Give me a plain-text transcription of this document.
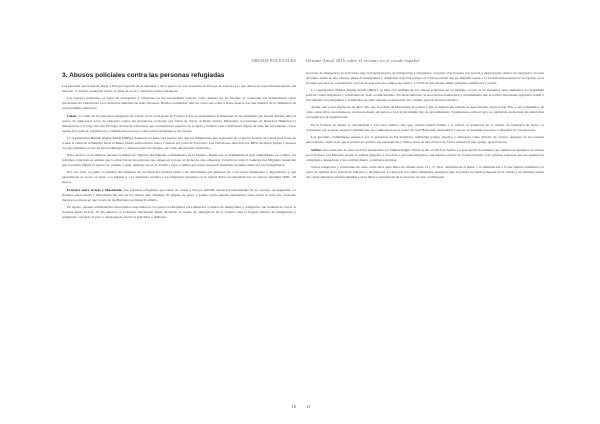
ABUSOS POLICIALES
3. Abusos policiales contra las personas refugiadas

Las personas que tratan de llegar a Europa huyendo de la amenaza o de la guerra no son aceptadas en Europa de acuerdo a lo que dictan las leyes internacionales del derecho. Y cuando consiguen entrar, el nivel de acoso y maltrato resulta alarmante.

Los cuerpos policiales, en lugar de protegerlas y calcularse en sus necesidades básicas, como debería ser su función, se ocasionan sus demandantes sobre ejecutantes de violaciones a los derechos humanos de estas personas. Hechos tremendos, que los casos que sobre a la luz apenas son una muestra de la dimensión de este problema silenciado.

Calais. La crisis de las personas refugiadas en Calais, en la costa norte de Francia y que es atentamente la intención de las entidades que fueron durante años el centro de numerosos actos de violencia contra sus moradores, personas que tratan de cruzar al Reino Unido. Diferentes asociaciones de Derechos Humanos lo denunciaron a lo largo del año. En lugar de buscar soluciones que contemplaran aspectos de acogida y facilitar unas condiciones dignas de vida, las autoridades, con la ayuda de la policía, legalizaron y confirmaron procesos contra estos ciudadanos y sus bienes.

La organización Human Rights Watch (HRW), denunció en enero del pasado año que los inmigrantes que esperaban en el puerto francés de Calais para tratar de cruzar el canal de la Mancha hacia el Reino Unido sufren malos tratos y abusos por parte de la policía. Las violaciones descritas por HRW incluyen golpes y ataques con gas pimienta, el uso de gas lacrimógeno y destrucciones de refugios, así como detenciones arbitrarias.

Estos hechos se produjeron durante el tiempo de vigencia del llamado «campamento de la Jungla». Desde que se desmanteló el gran campamento en octubre, los informes coinciden en señalar que la situación de las personas que siguen en la zona no ha hecho sino empeorar. Colectivos como L'Auberge des Migrants denuncian que la policía impide el reparto de comida y agua, destruye sacos de dormir y ropa, y utiliza gas contra personas dormidas, incluidos menores no acompañados.

Por otro lado, en junio, la Oficina del Defensor de los Derechos francés pidió a las autoridades que pusieran fin a los tratos inhumanos y degradantes, y que garantizaran el acceso al agua, a la higiene y a la asistencia jurídica a los migrantes presentes en la región. Estas recomendaciones no fueron atendidas (ERL, 28 enero).

Frontera entre Grecia y Macedonia. Las personas refugiadas que tratan de cruzar a Europa también sufren las brutalidades de los cuerpos de seguridad. La frontera entre Grecia y Macedonia fue uno de los puntos más calientes. El empleo de gases y golpes contra quienes intentaban cruzar hacia el norte fue constante durante los meses en que la ruta de los Balcanes permaneció abierta.

En agosto, agentes antidisturbios macedonios respondieron con gases lacrimógenos para dispersar a cientos de inmigrantes y refugiados que trataban de cruzar la frontera desde Grecia. El día anterior, el Gobierno macedonio había declarado el estado de emergencia en la frontera ante la llegada masiva de inmigrantes y refugiados, cerrando el paso y desplegando efectivos policiales y militares.

10
Informe Anual 2016 sobre el racismo en el estado español

el estado de emergencia en la frontera ante la llegada masiva de inmigrantes y refugiados, cerrando el la frontera con Grecia y desplegando centros de refugiados en zona de nadie. Antes de ello cientos, miles de inmigrantes y refugiados lograron romper el cordón policial que les impedía cruzar a la localidad macedonia de Gevgelija, en la frontera con Grecia, e intentaban a través de esta zona de campos de cultivo. La Policía macedonia utilizó granadas aturdidoras y porras.

La organización Human Rights Watch (HRW), se hizo eco también de los abusos policiales en su informe «Como si no fuéramos seres humanos: La brutalidad policial contra migrantes y solicitantes de asilo en Macedonia». En dicho Informe, la Asociación denunciaba y documentaba que la policía macedonia golpeaba verbal y físicamente a los migrantes y solicitantes de asilo durante su detención, sin comida, agua ni atención médica.

Ayuba, una joven afgana de 16 años, dijo que la policía de Macedonia la golpeó y que la dejaron sin comida ni agua durante varias horas. Ella y sus compañeros de viaje, entre ellos otros menores, acabaron siendo devueltos a Grecia sin ningún tipo de procedimiento. Testimonios como el suyo se repitieron en decenas de entrevistas recogidas por la organización.

En la frontera de Ayuba se encontraban a sólo unos metros, ella que, cuando intentó llamar a la policía, la golpearon en la cabeza. Al intentarlo de nuevo, la arrastraron por el suelo. Aseguró también que las condiciones en el centro de Gazi Baba eran deplorables y que no se permitía el acceso a abogados ni a traductores.

Los guardias, visiblemente molestos por la presencia de los detenidos, utilizaban golpes, insultos y amenazas como método de control. Algunos de los jóvenes entrevistados explicaron que la policía les quitaba sus pertenencias y dinero antes de devolverlos de forma sumaria al lado griego de la frontera.

Serbia. Otra situación de abuso policial denunciada por Human Rights Watch se dio en 2016 en Serbia. La Asociación documentó que numerosos ejemplos de abusos en la frontera con Hungría, donde la policía golpeaba y devolvía a personas migrantes que habían cruzado de forma irregular. Las víctimas relataron que los agentes les obligaban a desnudarse y les robaban dinero y teléfonos móviles.

Varios refugiados y solicitantes de asilo, entre ellos siete niños de edades entre 13 y 17 años, describieron el abuso y la intimidación a la que fueron sometidos por parte de agentes de la policía en Subotica y alrededores. La mayoría son niños refugiados. Aseguran que la policía les había golpeado en la cabeza y en distintas partes del cuerpo mientras estaban detenidos en la fábrica abandonada de la estación de tren, en Belgrado.

11
